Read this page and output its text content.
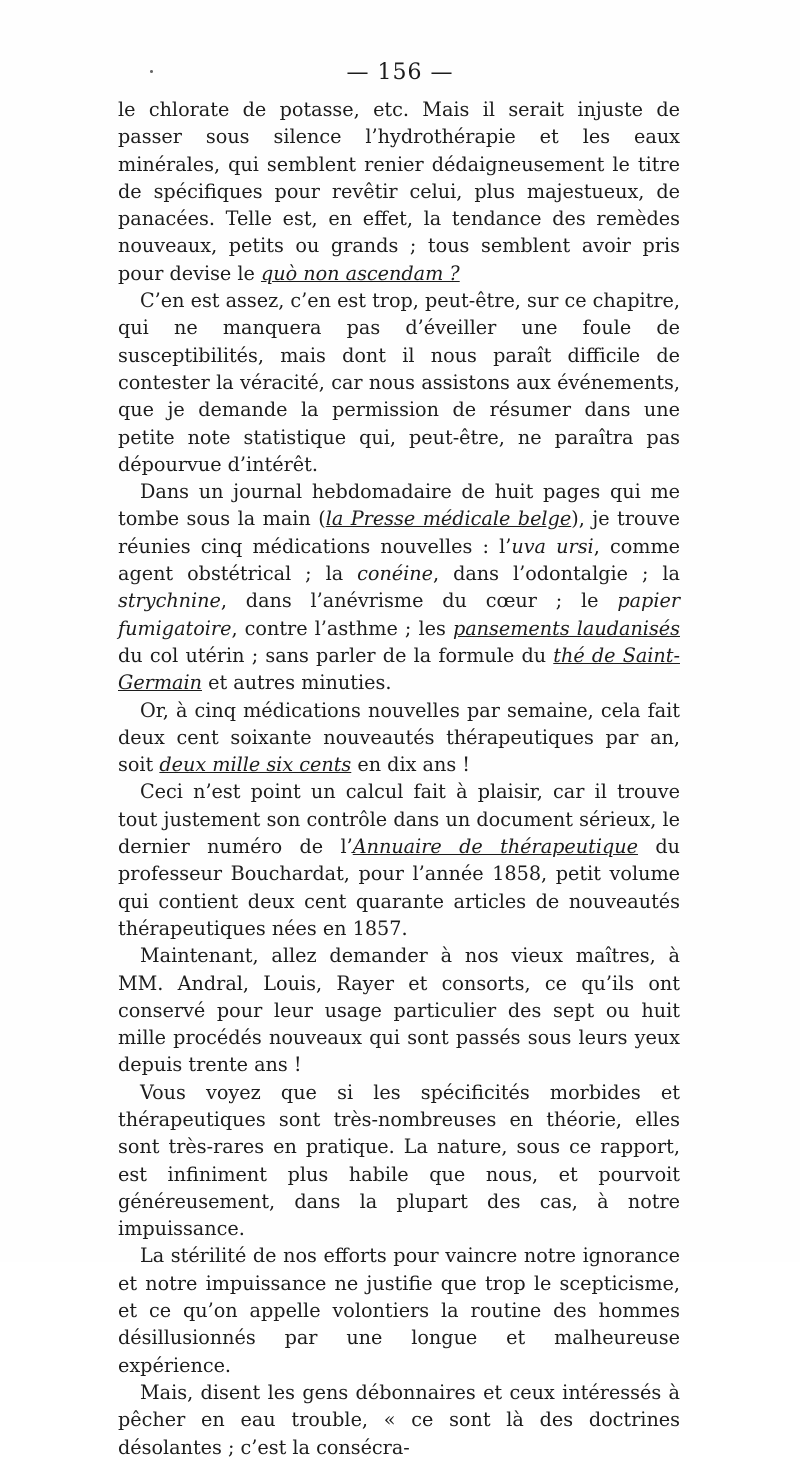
— 156 —

le chlorate de potasse, etc. Mais il serait injuste de passer sous silence l’hydrothérapie et les eaux minérales, qui semblent renier dédaigneusement le titre de spécifiques pour revêtir celui, plus majestueux, de panacées. Telle est, en effet, la tendance des remèdes nouveaux, petits ou grands ; tous semblent avoir pris pour devise le quò non ascendam ?

C’en est assez, c’en est trop, peut-être, sur ce chapitre, qui ne manquera pas d’éveiller une foule de susceptibilités, mais dont il nous paraît difficile de contester la véracité, car nous assistons aux événements, que je demande la permission de résumer dans une petite note statistique qui, peut-être, ne paraîtra pas dépourvue d’intérêt.

Dans un journal hebdomadaire de huit pages qui me tombe sous la main (la Presse médicale belge), je trouve réunies cinq médications nouvelles : l’uva ursi, comme agent obstétrical ; la conéine, dans l’odontalgie ; la strychnine, dans l’anévrisme du cœur ; le papier fumigatoire, contre l’asthme ; les pansements laudanisés du col utérin ; sans parler de la formule du thé de Saint-Germain et autres minuties.

Or, à cinq médications nouvelles par semaine, cela fait deux cent soixante nouveautés thérapeutiques par an, soit deux mille six cents en dix ans !

Ceci n’est point un calcul fait à plaisir, car il trouve tout justement son contrôle dans un document sérieux, le dernier numéro de l’Annuaire de thérapeutique du professeur Bouchardat, pour l’année 1858, petit volume qui contient deux cent quarante articles de nouveautés thérapeutiques nées en 1857.

Maintenant, allez demander à nos vieux maîtres, à MM. Andral, Louis, Rayer et consorts, ce qu’ils ont conservé pour leur usage particulier des sept ou huit mille procédés nouveaux qui sont passés sous leurs yeux depuis trente ans !

Vous voyez que si les spécificités morbides et thérapeutiques sont très-nombreuses en théorie, elles sont très-rares en pratique. La nature, sous ce rapport, est infiniment plus habile que nous, et pourvoit généreusement, dans la plupart des cas, à notre impuissance.

La stérilité de nos efforts pour vaincre notre ignorance et notre impuissance ne justifie que trop le scepticisme, et ce qu’on appelle volontiers la routine des hommes désillusionnés par une longue et malheureuse expérience.

Mais, disent les gens débonnaires et ceux intéressés à pêcher en eau trouble, « ce sont là des doctrines désolantes ; c’est la consécra-
